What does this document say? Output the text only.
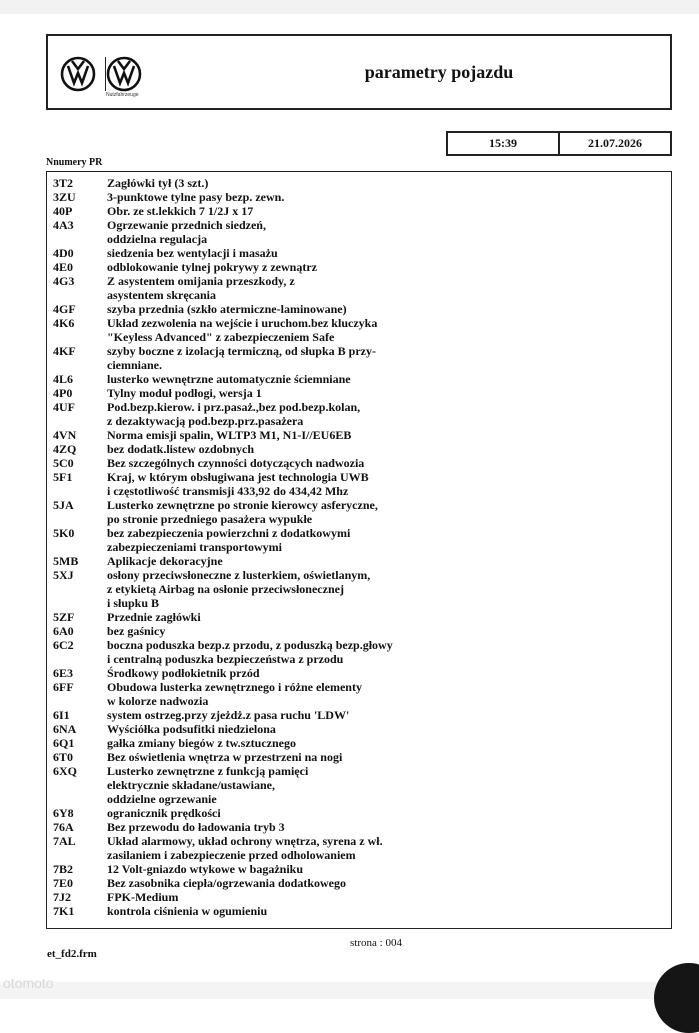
Nutzfahrzeuge
parametry pojazdu
15:39	21.07.2026
Nnumery PR
3T2	Zagłówki tył (3 szt.)
3ZU	3-punktowe tylne pasy bezp. zewn.
40P	Obr. ze st.lekkich 7 1/2J x 17
4A3	Ogrzewanie przednich siedzeń,
oddzielna regulacja
4D0	siedzenia bez wentylacji i masażu
4E0	odblokowanie tylnej pokrywy z zewnątrz
4G3	Z asystentem omijania przeszkody, z
asystentem skręcania
4GF	szyba przednia (szkło atermiczne-laminowane)
4K6	Układ zezwolenia na wejście i uruchom.bez kluczyka
"Keyless Advanced" z zabezpieczeniem Safe
4KF	szyby boczne z izolacją termiczną, od słupka B przy-
ciemniane.
4L6	lusterko wewnętrzne automatycznie ściemniane
4P0	Tylny moduł podłogi, wersja 1
4UF	Pod.bezp.kierow. i prz.pasaż.,bez pod.bezp.kolan,
z dezaktywacją pod.bezp.prz.pasażera
4VN	Norma emisji spalin, WLTP3 M1, N1-I//EU6EB
4ZQ	bez dodatk.listew ozdobnych
5C0	Bez szczególnych czynności dotyczących nadwozia
5F1	Kraj, w którym obsługiwana jest technologia UWB
i częstotliwość transmisji 433,92 do 434,42 Mhz
5JA	Lusterko zewnętrzne po stronie kierowcy asferyczne,
po stronie przedniego pasażera wypukłe
5K0	bez zabezpieczenia powierzchni z dodatkowymi
zabezpieczeniami transportowymi
5MB	Aplikacje dekoracyjne
5XJ	osłony przeciwsłoneczne z lusterkiem, oświetlanym,
z etykietą Airbag na osłonie przeciwsłonecznej
i słupku B
5ZF	Przednie zagłówki
6A0	bez gaśnicy
6C2	boczna poduszka bezp.z przodu, z poduszką bezp.głowy
i centralną poduszka bezpieczeństwa z przodu
6E3	Środkowy podłokietnik przód
6FF	Obudowa lusterka zewnętrznego i różne elementy
w kolorze nadwozia
6I1	system ostrzeg.przy zjeżdż.z pasa ruchu 'LDW'
6NA	Wyściółka podsufitki niedzielona
6Q1	gałka zmiany biegów z tw.sztucznego
6T0	Bez oświetlenia wnętrza w przestrzeni na nogi
6XQ	Lusterko zewnętrzne z funkcją pamięci
elektrycznie składane/ustawiane,
oddzielne ogrzewanie
6Y8	ogranicznik prędkości
76A	Bez przewodu do ładowania tryb 3
7AL	Układ alarmowy, układ ochrony wnętrza, syrena z wł.
zasilaniem i zabezpieczenie przed odholowaniem
7B2	12 Volt-gniazdo wtykowe w bagażniku
7E0	Bez zasobnika ciepła/ogrzewania dodatkowego
7J2	FPK-Medium
7K1	kontrola ciśnienia w ogumieniu
strona : 004
et_fd2.frm
otomoto
